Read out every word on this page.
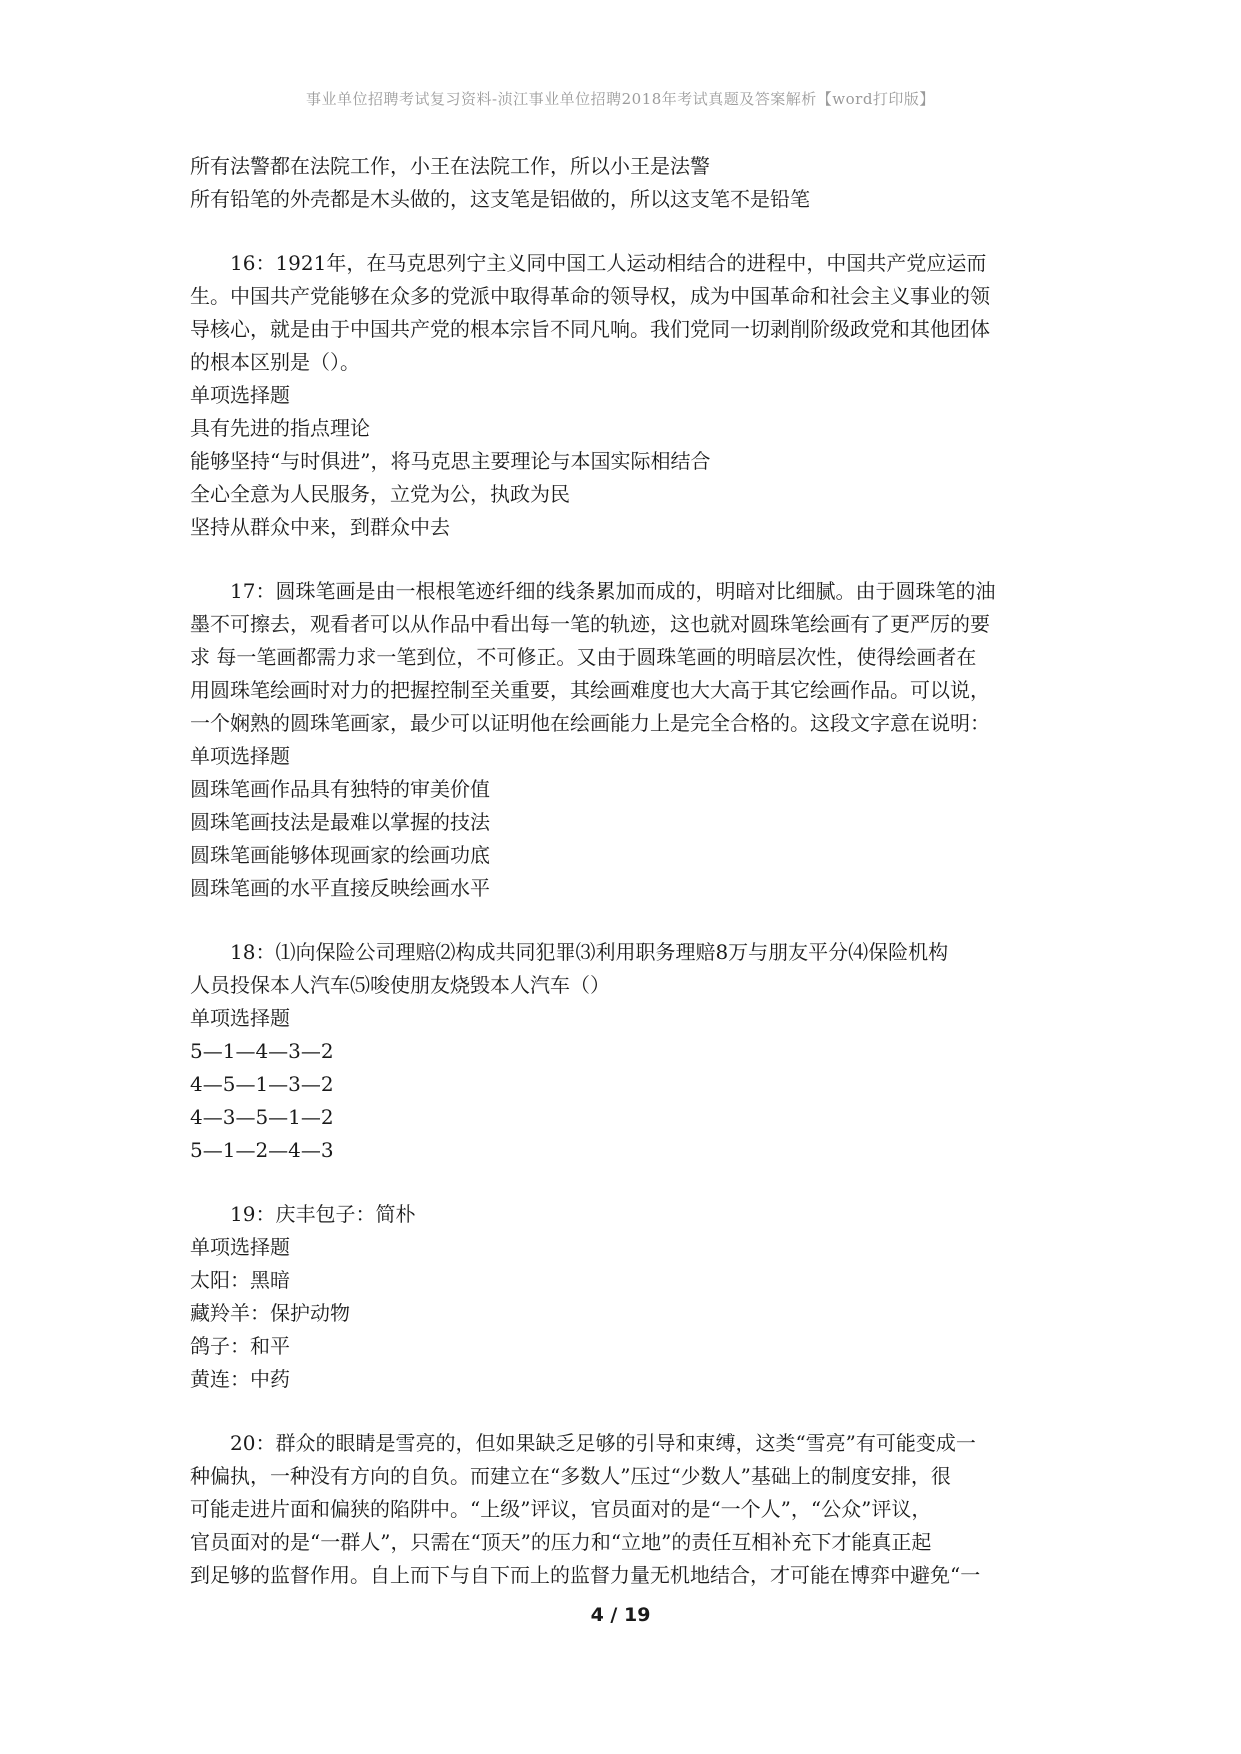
事业单位招聘考试复习资料-浈江事业单位招聘2018年考试真题及答案解析【word打印版】
所有法警都在法院工作，小王在法院工作，所以小王是法警
所有铅笔的外壳都是木头做的，这支笔是铝做的，所以这支笔不是铅笔
16：1921年，在马克思列宁主义同中国工人运动相结合的进程中，中国共产党应运而
生。中国共产党能够在众多的党派中取得革命的领导权，成为中国革命和社会主义事业的领
导核心，就是由于中国共产党的根本宗旨不同凡响。我们党同一切剥削阶级政党和其他团体
的根本区别是（）。
单项选择题
具有先进的指点理论
能够坚持“与时俱进”，将马克思主要理论与本国实际相结合
全心全意为人民服务，立党为公，执政为民
坚持从群众中来，到群众中去
17：圆珠笔画是由一根根笔迹纤细的线条累加而成的，明暗对比细腻。由于圆珠笔的油
墨不可擦去，观看者可以从作品中看出每一笔的轨迹，这也就对圆珠笔绘画有了更严厉的要
求 每一笔画都需力求一笔到位，不可修正。又由于圆珠笔画的明暗层次性，使得绘画者在
用圆珠笔绘画时对力的把握控制至关重要，其绘画难度也大大高于其它绘画作品。可以说，
一个娴熟的圆珠笔画家，最少可以证明他在绘画能力上是完全合格的。这段文字意在说明：
单项选择题
圆珠笔画作品具有独特的审美价值
圆珠笔画技法是最难以掌握的技法
圆珠笔画能够体现画家的绘画功底
圆珠笔画的水平直接反映绘画水平
18：⑴向保险公司理赔⑵构成共同犯罪⑶利用职务理赔8万与朋友平分⑷保险机构
人员投保本人汽车⑸唆使朋友烧毁本人汽车（）
单项选择题
5—1—4—3—2
4—5—1—3—2
4—3—5—1—2
5—1—2—4—3
19：庆丰包子：简朴
单项选择题
太阳：黑暗
藏羚羊：保护动物
鸽子：和平
黄连：中药
20：群众的眼睛是雪亮的，但如果缺乏足够的引导和束缚，这类“雪亮”有可能变成一
种偏执，一种没有方向的自负。而建立在“多数人”压过“少数人”基础上的制度安排，很
可能走进片面和偏狭的陷阱中。“上级”评议，官员面对的是“一个人”，“公众”评议，
官员面对的是“一群人”，只需在“顶天”的压力和“立地”的责任互相补充下才能真正起
到足够的监督作用。自上而下与自下而上的监督力量无机地结合，才可能在博弈中避免“一
4 / 19
